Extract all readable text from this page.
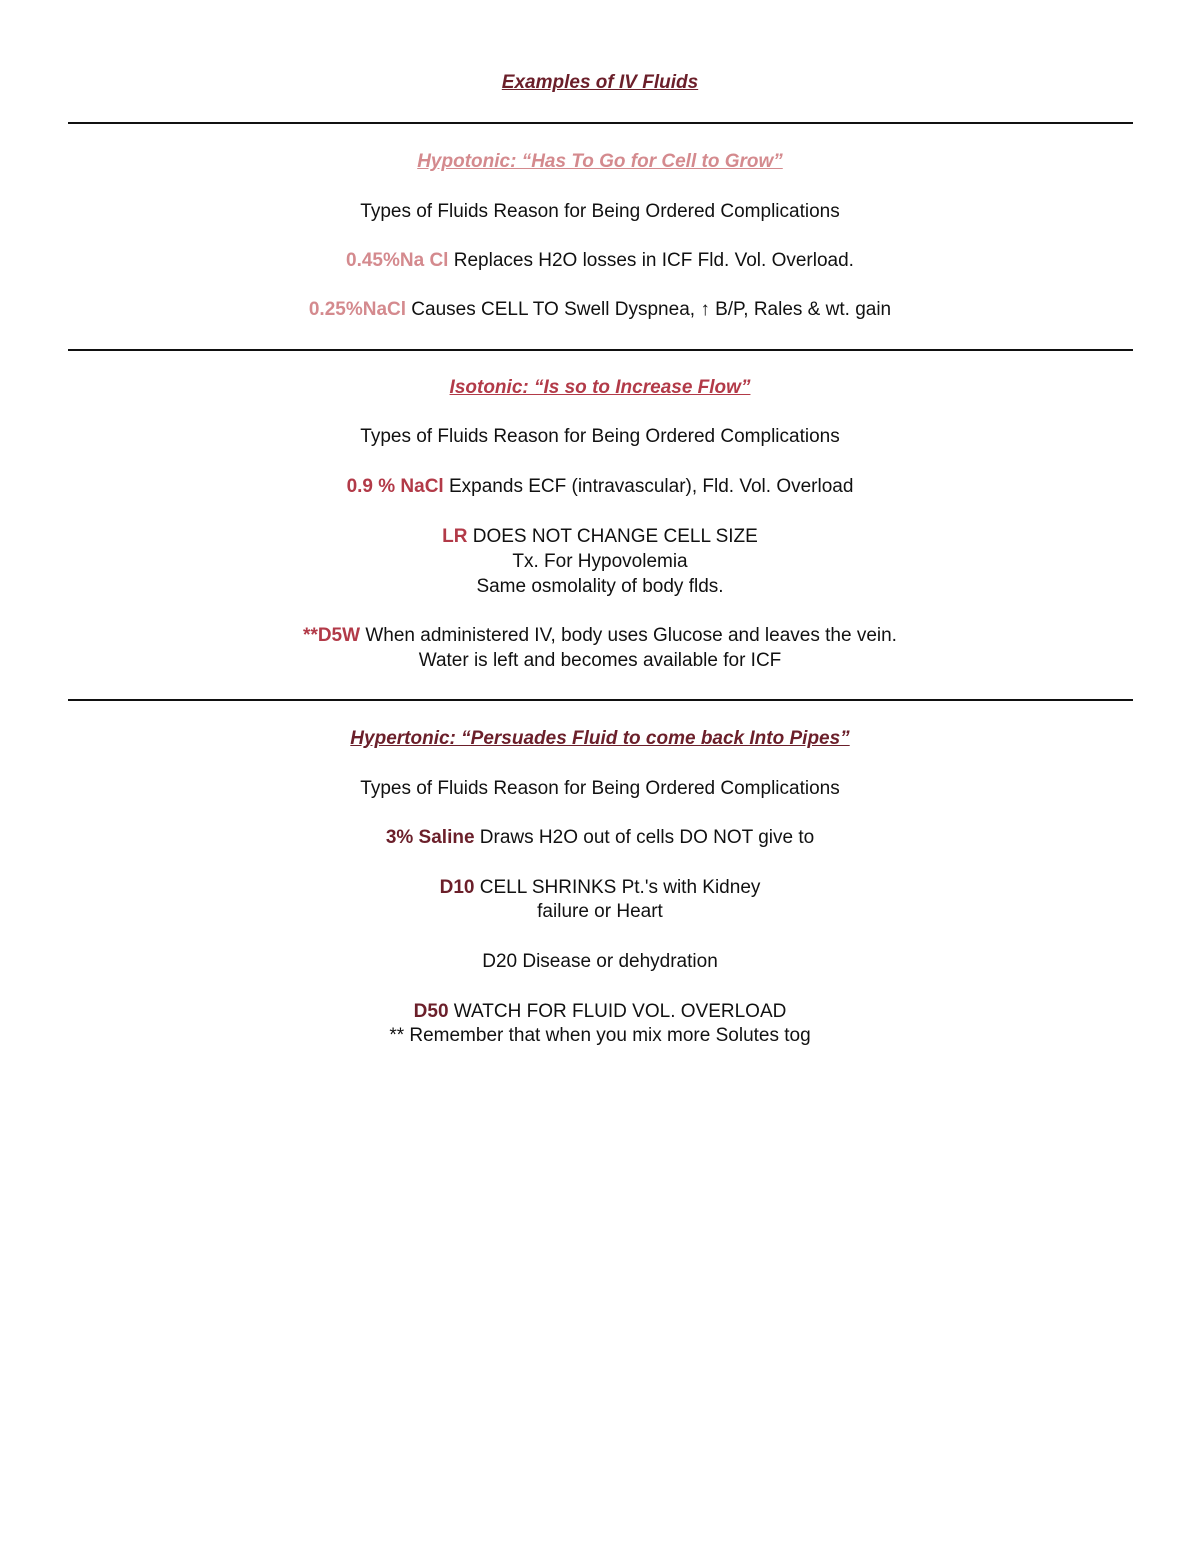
Examples of IV Fluids
Hypotonic: “Has To Go for Cell to Grow”
Types of Fluids Reason for Being Ordered Complications
0.45%Na Cl Replaces H2O losses in ICF Fld. Vol. Overload.
0.25%NaCl Causes CELL TO Swell Dyspnea, ↑ B/P, Rales & wt. gain
Isotonic: “Is so to Increase Flow”
Types of Fluids Reason for Being Ordered Complications
0.9 % NaCl Expands ECF (intravascular), Fld. Vol. Overload
LR DOES NOT CHANGE CELL SIZE
Tx. For Hypovolemia
Same osmolality of body flds.
**D5W When administered IV, body uses Glucose and leaves the vein.
Water is left and becomes available for ICF
Hypertonic: “Persuades Fluid to come back Into Pipes”
Types of Fluids Reason for Being Ordered Complications
3% Saline Draws H2O out of cells DO NOT give to
D10 CELL SHRINKS Pt.'s with Kidney
failure or Heart
D20 Disease or dehydration
D50 WATCH FOR FLUID VOL. OVERLOAD
** Remember that when you mix more Solutes tog
